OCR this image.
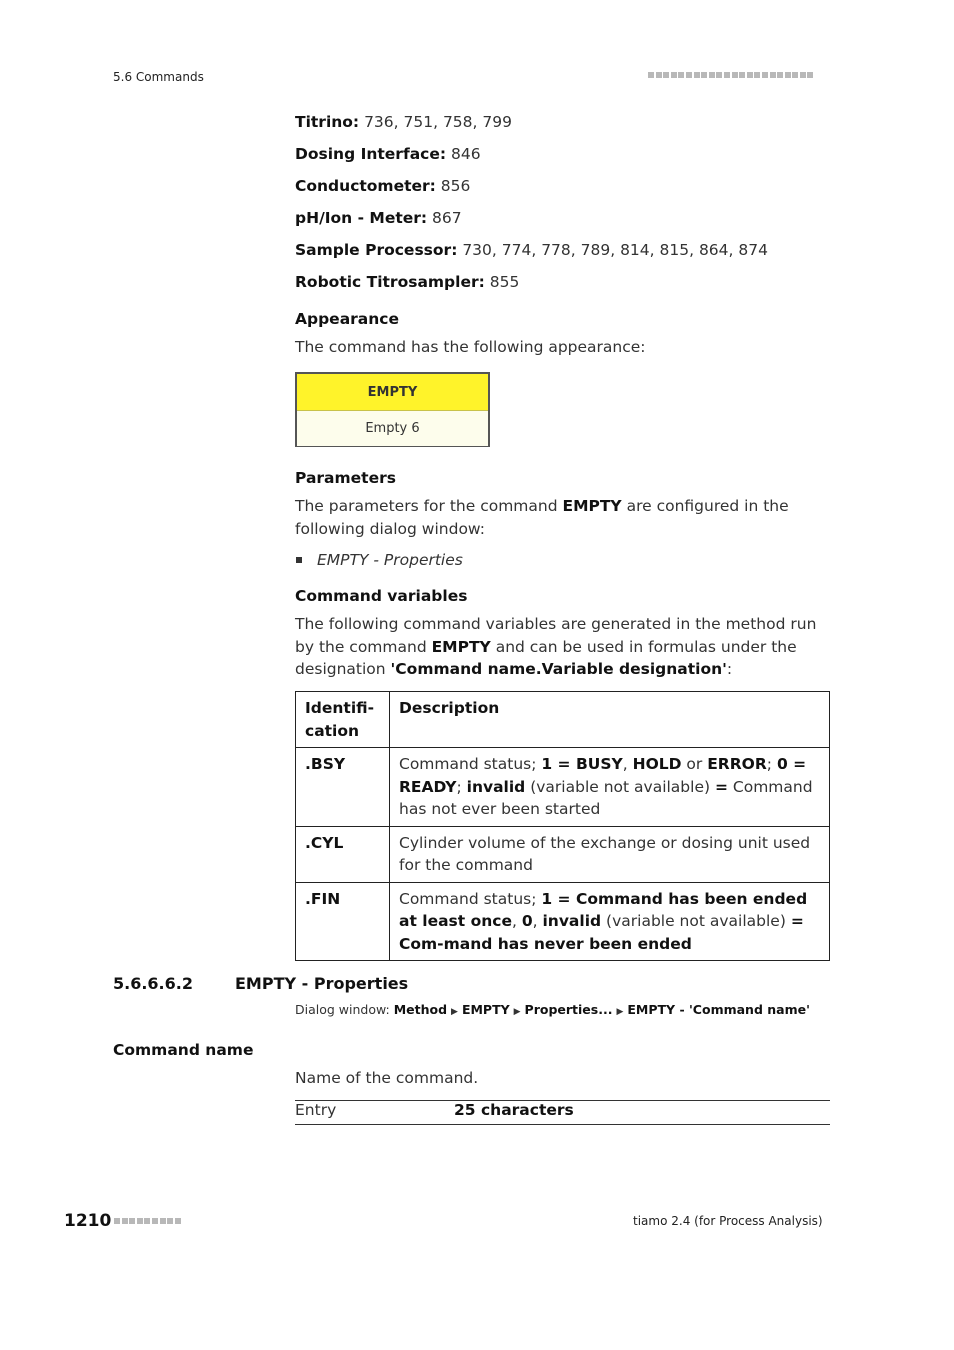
5.6 Commands
Titrino: 736, 751, 758, 799
Dosing Interface: 846
Conductometer: 856
pH/Ion - Meter: 867
Sample Processor: 730, 774, 778, 789, 814, 815, 864, 874
Robotic Titrosampler: 855
Appearance
The command has the following appearance:
EMPTY
Empty 6
Parameters
The parameters for the command EMPTY are configured in the following dialog window:
EMPTY - Properties
Command variables
The following command variables are generated in the method run by the command EMPTY and can be used in formulas under the designation 'Command name.Variable designation':
Identifi-
cation	Description
.BSY	Command status; 1 = BUSY, HOLD or ERROR; 0 = READY; invalid (variable not available) = Command has not ever been started
.CYL	Cylinder volume of the exchange or dosing unit used for the command
.FIN	Command status; 1 = Command has been ended at least once, 0, invalid (variable not available) = Com-mand has never been ended
5.6.6.6.2	EMPTY - Properties
Dialog window: Method ▶ EMPTY ▶ Properties... ▶ EMPTY - 'Command name'
Command name
Name of the command.
Entry	25 characters
1210	tiamo 2.4 (for Process Analysis)
